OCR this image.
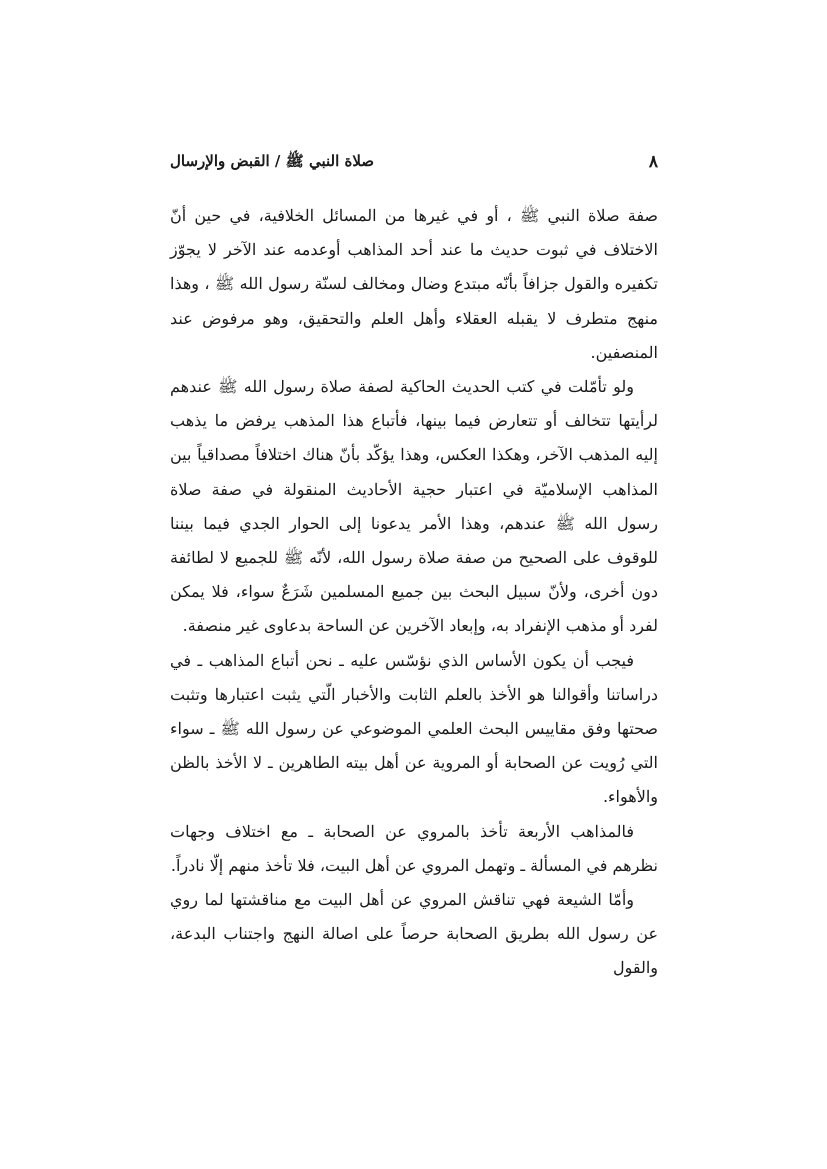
٨
صلاة النبي ﷺ / القبض والإرسال

صفة صلاة النبي ﷺ ، أو في غيرها من المسائل الخلافية، في حين أنّ الاختلاف في ثبوت حديث ما عند أحد المذاهب أوعدمه عند الآخر لا يجوّز تكفيره والقول جزافاً بأنّه مبتدع وضال ومخالف لسنّة رسول الله ﷺ ، وهذا منهج متطرف لا يقبله العقلاء وأهل العلم والتحقيق، وهو مرفوض عند المنصفين.

ولو تأمّلت في كتب الحديث الحاكية لصفة صلاة رسول الله ﷺ عندهم لرأيتها تتخالف أو تتعارض فيما بينها، فأتباع هذا المذهب يرفض ما يذهب إليه المذهب الآخر، وهكذا العكس، وهذا يؤكّد بأنّ هناك اختلافاً مصداقياً بين المذاهب الإسلاميّة في اعتبار حجية الأحاديث المنقولة في صفة صلاة رسول الله ﷺ عندهم، وهذا الأمر يدعونا إلى الحوار الجدي فيما بيننا للوقوف على الصحيح من صفة صلاة رسول الله، لأنّه ﷺ للجميع لا لطائفة دون أخرى، ولأنّ سبيل البحث بين جميع المسلمين شَرَعٌ سواء، فلا يمكن لفرد أو مذهب الإنفراد به، وإبعاد الآخرين عن الساحة بدعاوى غير منصفة.

فيجب أن يكون الأساس الذي نؤسّس عليه ـ نحن أتباع المذاهب ـ في دراساتنا وأقوالنا هو الأخذ بالعلم الثابت والأخبار الّتي يثبت اعتبارها وتثبت صحتها وفق مقاييس البحث العلمي الموضوعي عن رسول الله ﷺ ـ سواء التي رُويت عن الصحابة أو المروية عن أهل بيته الطاهرين ـ لا الأخذ بالظن والأهواء.

فالمذاهب الأربعة تأخذ بالمروي عن الصحابة ـ مع اختلاف وجهات نظرهم في المسألة ـ وتهمل المروي عن أهل البيت، فلا تأخذ منهم إلّا نادراً.

وأمّا الشيعة فهي تناقش المروي عن أهل البيت مع مناقشتها لما روي عن رسول الله بطريق الصحابة حرصاً على اصالة النهج واجتناب البدعة، والقول
